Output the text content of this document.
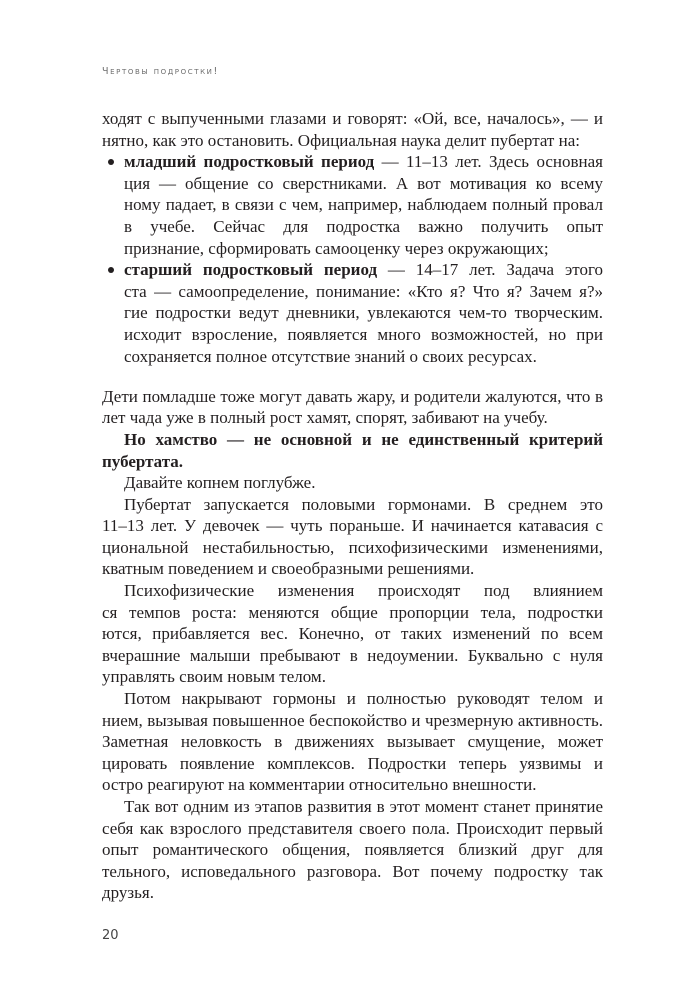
Чертовы подростки!
ходят с выпученными глазами и говорят: «Ой, все, началось», — и
нятно, как это остановить. Официальная наука делит пубертат на:
младший подростковый период — 11–13 лет. Здесь основная
ция — общение со сверстниками. А вот мотивация ко всему
ному падает, в связи с чем, например, наблюдаем полный провал
в учебе. Сейчас для подростка важно получить опыт
признание, сформировать самооценку через окружающих;
старший подростковый период — 14–17 лет. Задача этого
ста — самоопределение, понимание: «Кто я? Что я? Зачем я?»
гие подростки ведут дневники, увлекаются чем-то творческим.
исходит взросление, появляется много возможностей, но при
сохраняется полное отсутствие знаний о своих ресурсах.
Дети помладше тоже могут давать жару, и родители жалуются, что в
лет чада уже в полный рост хамят, спорят, забивают на учебу.
Но хамство — не основной и не единственный критерий
пубертата.
Давайте копнем поглубже.
Пубертат запускается половыми гормонами. В среднем это
11–13 лет. У девочек — чуть пораньше. И начинается катавасия с
циональной нестабильностью, психофизическими изменениями,
кватным поведением и своеобразными решениями.
Психофизические изменения происходят под влиянием
ся темпов роста: меняются общие пропорции тела, подростки
ются, прибавляется вес. Конечно, от таких изменений по всем
вчерашние малыши пребывают в недоумении. Буквально с нуля
управлять своим новым телом.
Потом накрывают гормоны и полностью руководят телом и
нием, вызывая повышенное беспокойство и чрезмерную активность.
Заметная неловкость в движениях вызывает смущение, может
цировать появление комплексов. Подростки теперь уязвимы и
остро реагируют на комментарии относительно внешности.
Так вот одним из этапов развития в этот момент станет принятие
себя как взрослого представителя своего пола. Происходит первый
опыт романтического общения, появляется близкий друг для
тельного, исповедального разговора. Вот почему подростку так
друзья.
20
